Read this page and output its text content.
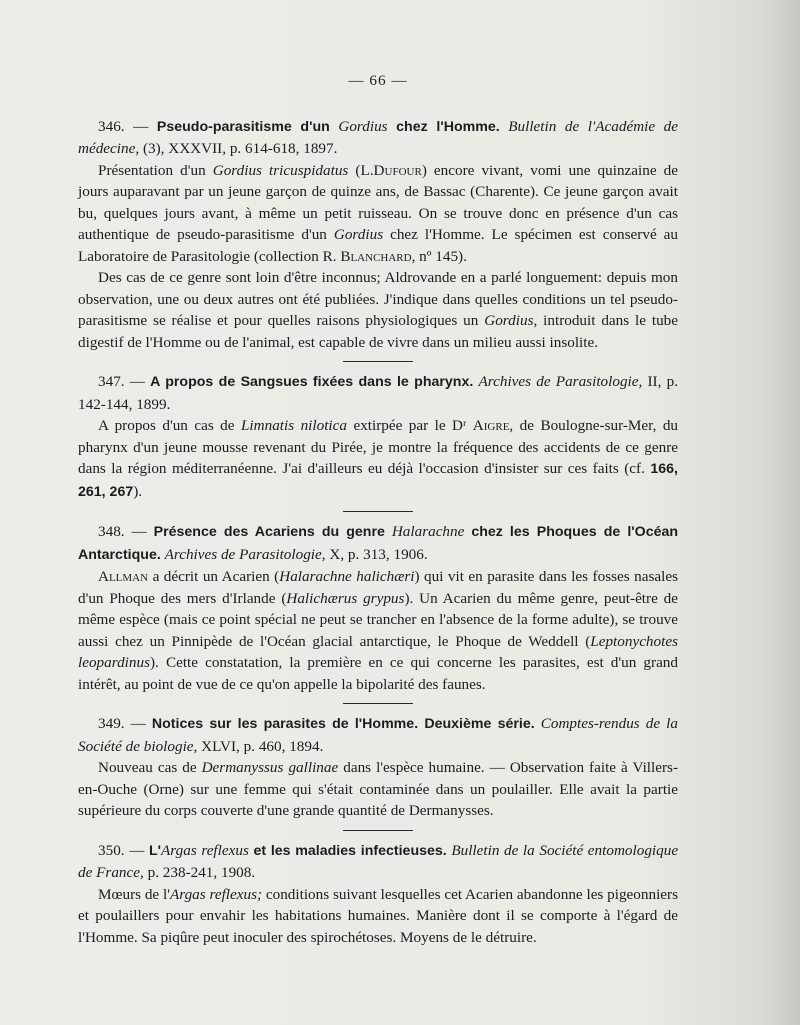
— 66 —

346. — Pseudo-parasitisme d'un Gordius chez l'Homme. Bulletin de l'Académie de médecine, (3), XXXVII, p. 614-618, 1897.

Présentation d'un Gordius tricuspidatus (L.Dufour) encore vivant, vomi une quinzaine de jours auparavant par un jeune garçon de quinze ans, de Bassac (Charente). Ce jeune garçon avait bu, quelques jours avant, à même un petit ruisseau. On se trouve donc en présence d'un cas authentique de pseudo-parasitisme d'un Gordius chez l'Homme. Le spécimen est conservé au Laboratoire de Parasitologie (collection R. Blanchard, nº 145).

Des cas de ce genre sont loin d'être inconnus; Aldrovande en a parlé longuement: depuis mon observation, une ou deux autres ont été publiées. J'indique dans quelles conditions un tel pseudo-parasitisme se réalise et pour quelles raisons physiologiques un Gordius, introduit dans le tube digestif de l'Homme ou de l'animal, est capable de vivre dans un milieu aussi insolite.

347. — A propos de Sangsues fixées dans le pharynx. Archives de Parasitologie, II, p. 142-144, 1899.

A propos d'un cas de Limnatis nilotica extirpée par le Dʳ Aigre, de Boulogne-sur-Mer, du pharynx d'un jeune mousse revenant du Pirée, je montre la fréquence des accidents de ce genre dans la région méditerranéenne. J'ai d'ailleurs eu déjà l'occasion d'insister sur ces faits (cf. 166, 261, 267).

348. — Présence des Acariens du genre Halarachne chez les Phoques de l'Océan Antarctique. Archives de Parasitologie, X, p. 313, 1906.

Allman a décrit un Acarien (Halarachne halichæri) qui vit en parasite dans les fosses nasales d'un Phoque des mers d'Irlande (Halichærus grypus). Un Acarien du même genre, peut-être de même espèce (mais ce point spécial ne peut se trancher en l'absence de la forme adulte), se trouve aussi chez un Pinnipède de l'Océan glacial antarctique, le Phoque de Weddell (Leptonychotes leopardinus). Cette constatation, la première en ce qui concerne les parasites, est d'un grand intérêt, au point de vue de ce qu'on appelle la bipolarité des faunes.

349. — Notices sur les parasites de l'Homme. Deuxième série. Comptes-rendus de la Société de biologie, XLVI, p. 460, 1894.

Nouveau cas de Dermanyssus gallinae dans l'espèce humaine. — Observation faite à Villers-en-Ouche (Orne) sur une femme qui s'était contaminée dans un poulailler. Elle avait la partie supérieure du corps couverte d'une grande quantité de Dermanysses.

350. — L'Argas reflexus et les maladies infectieuses. Bulletin de la Société entomologique de France, p. 238-241, 1908.

Mœurs de l'Argas reflexus; conditions suivant lesquelles cet Acarien abandonne les pigeonniers et poulaillers pour envahir les habitations humaines. Manière dont il se comporte à l'égard de l'Homme. Sa piqûre peut inoculer des spirochétoses. Moyens de le détruire.
